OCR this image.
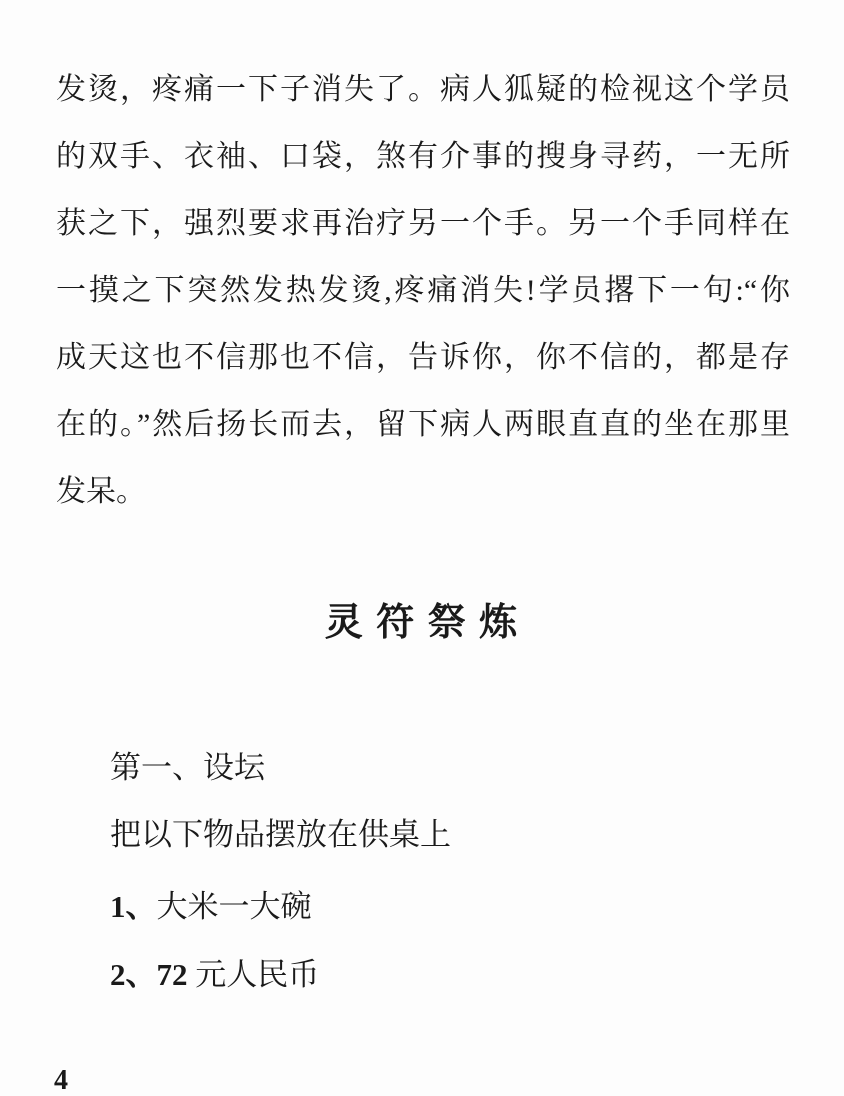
发烫，疼痛一下子消失了。病人狐疑的检视这个学员
的双手、衣袖、口袋，煞有介事的搜身寻药，一无所
获之下，强烈要求再治疗另一个手。另一个手同样在
一摸之下突然发热发烫,疼痛消失!学员撂下一句:“你
成天这也不信那也不信，告诉你，你不信的，都是存
在的。”然后扬长而去，留下病人两眼直直的坐在那里
发呆。
灵 符 祭 炼
第一、设坛
把以下物品摆放在供桌上
1、大米一大碗
2、72 元人民币
4
